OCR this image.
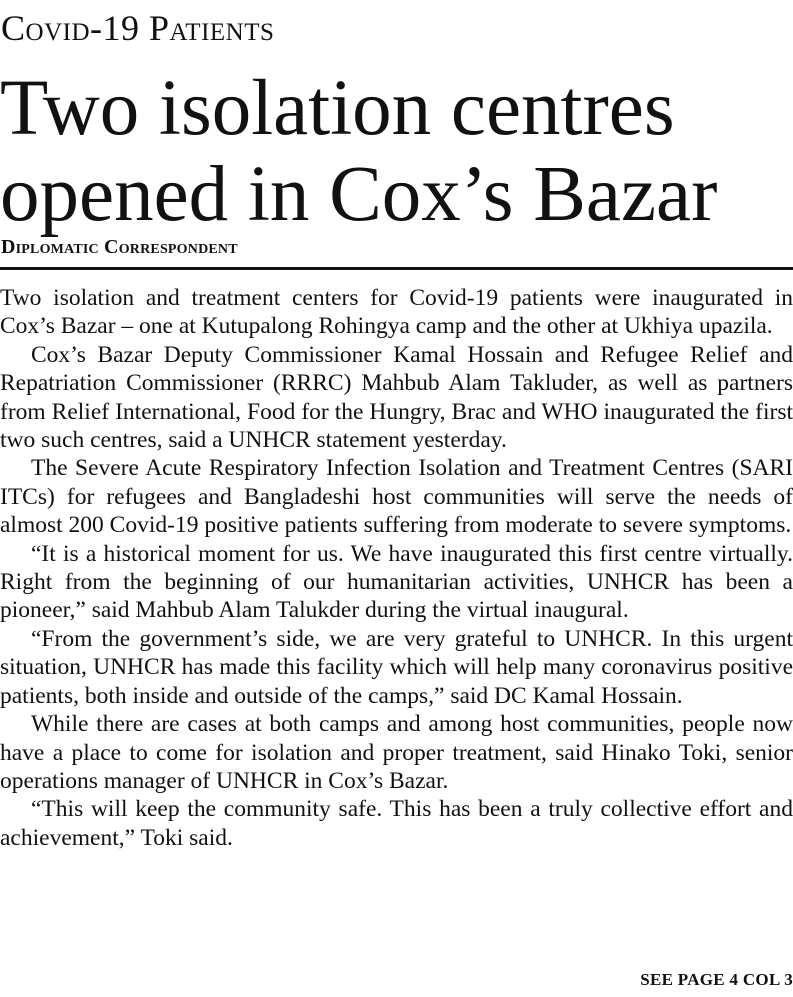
Covid-19 Patients
Two isolation centres
opened in Cox’s Bazar
Diplomatic Correspondent

Two isolation and treatment centers for Covid-19 patients were inaugurated in Cox’s Bazar – one at Kutupalong Rohingya camp and the other at Ukhiya upazila.

Cox’s Bazar Deputy Commissioner Kamal Hossain and Refugee Relief and Repatriation Commissioner (RRRC) Mahbub Alam Takluder, as well as partners from Relief International, Food for the Hungry, Brac and WHO inaugurated the first two such centres, said a UNHCR statement yesterday.

The Severe Acute Respiratory Infection Isolation and Treatment Centres (SARI ITCs) for refugees and Bangladeshi host communities will serve the needs of almost 200 Covid-19 positive patients suffering from moderate to severe symptoms.

“It is a historical moment for us. We have inaugurated this first centre virtually. Right from the beginning of our humanitarian activities, UNHCR has been a pioneer,” said Mahbub Alam Talukder during the virtual inaugural.

“From the government’s side, we are very grateful to UNHCR. In this urgent situation, UNHCR has made this facility which will help many coronavirus positive patients, both inside and outside of the camps,” said DC Kamal Hossain.

While there are cases at both camps and among host communities, people now have a place to come for isolation and proper treatment, said Hinako Toki, senior operations manager of UNHCR in Cox’s Bazar.

“This will keep the community safe. This has been a truly collective effort and achievement,” Toki said.

SEE PAGE 4 COL 3
